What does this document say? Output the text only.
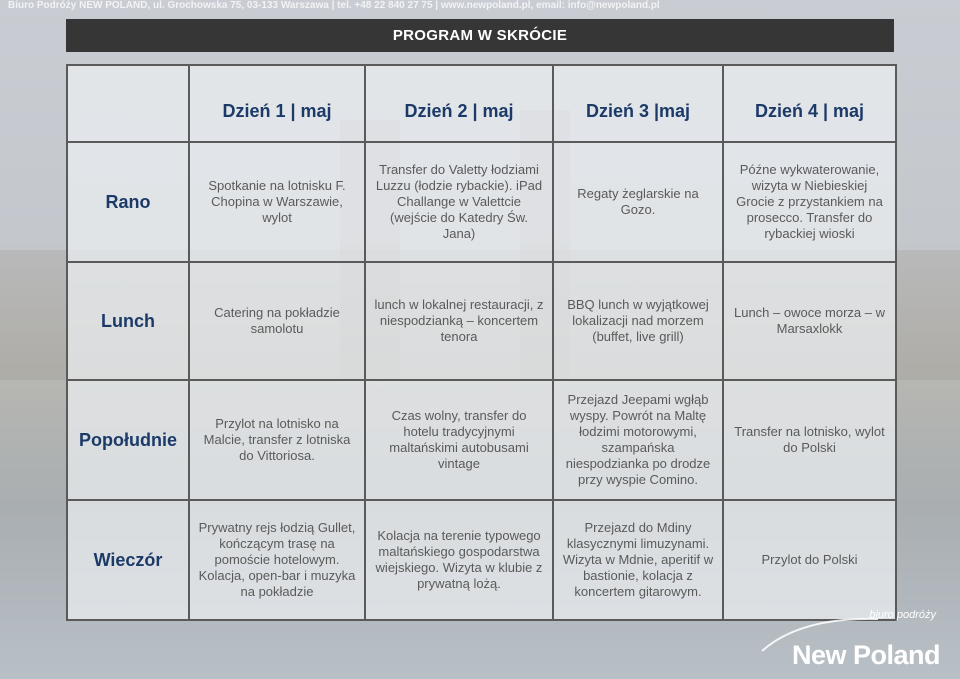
Biuro Podróży NEW POLAND, ul. Grochowska 75, 03-133 Warszawa | tel. +48 22 840 27 75 | www.newpoland.pl, email: info@newpoland.pl
PROGRAM W SKRÓCIE
	Dzień 1 | maj	Dzień 2 | maj	Dzień 3 |maj	Dzień 4 | maj
Rano	Spotkanie na lotnisku F. Chopina w Warszawie, wylot	Transfer do Valetty łodziami Luzzu (łodzie rybackie). iPad Challange w Valettcie (wejście do Katedry Św. Jana)	Regaty żeglarskie na Gozo.	Późne wykwaterowanie, wizyta w Niebieskiej Grocie z przystankiem na prosecco. Transfer do rybackiej wioski
Lunch	Catering na pokładzie samolotu	lunch w lokalnej restauracji, z niespodzianką – koncertem tenora	BBQ lunch w wyjątkowej lokalizacji nad morzem (buffet, live grill)	Lunch – owoce morza – w Marsaxlokk
Popołudnie	Przylot na lotnisko na Malcie, transfer z lotniska do Vittoriosa.	Czas wolny, transfer do hotelu tradycyjnymi maltańskimi autobusami vintage	Przejazd Jeepami wgłąb wyspy. Powrót na Maltę łodzimi motorowymi, szampańska niespodzianka po drodze przy wyspie Comino.	Transfer na lotnisko, wylot do Polski
Wieczór	Prywatny rejs łodzią Gullet, kończącym trasę na pomoście hotelowym. Kolacja, open-bar i muzyka na pokładzie	Kolacja na terenie typowego maltańskiego gospodarstwa wiejskiego. Wizyta w klubie z prywatną lożą.	Przejazd do Mdiny klasycznymi limuzynami. Wizyta w Mdnie, aperitif w bastionie, kolacja z koncertem gitarowym.	Przylot do Polski
biuro podróży
New Poland
